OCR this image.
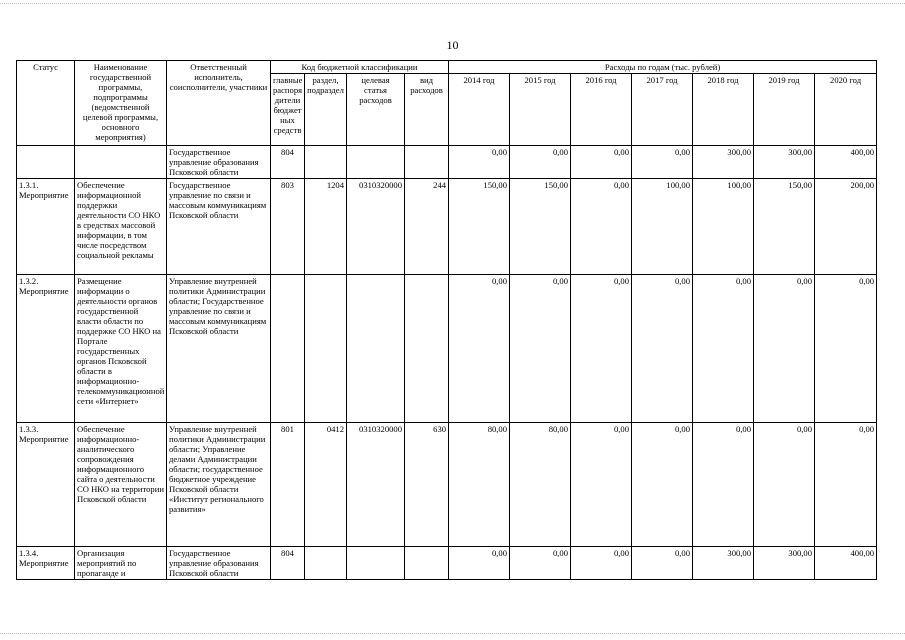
10
Статус	Наименование государственной программы, подпрограммы (ведомственной целевой программы, основного мероприятия)	Ответственный исполнитель, соисполнители, участники	Код бюджетной классификации				Расходы по годам (тыс. рублей)						
			главные распоря дители бюджет ных средств	раздел, подраздел	целевая статья расходов	вид расходов	2014 год	2015 год	2016 год	2017 год	2018 год	2019 год	2020 год
		Государственное управление образования Псковской области	804				0,00	0,00	0,00	0,00	300,00	300,00	400,00
1.3.1. Мероприятие	Обеспечение информационной поддержки деятельности СО НКО в средствах массовой информации, в том числе посредством социальной рекламы	Государственное управление по связи и массовым коммуникациям Псковской области	803	1204	0310320000	244	150,00	150,00	0,00	100,00	100,00	150,00	200,00
1.3.2. Мероприятие	Размещение информации о деятельности органов государственной власти области по поддержке СО НКО на Портале государственных органов Псковской области в информационно-телекоммуникационной сети «Интернет»	Управление внутренней политики Администрации области; Государственное управление по связи и массовым коммуникациям Псковской области					0,00	0,00	0,00	0,00	0,00	0,00	0,00
1.3.3. Мероприятие	Обеспечение информационно-аналитического сопровождения информационного сайта о деятельности СО НКО на территории Псковской области	Управление внутренней политики Администрации области; Управление делами Администрации области; государственное бюджетное учреждение Псковской области «Институт регионального развития»	801	0412	0310320000	630	80,00	80,00	0,00	0,00	0,00	0,00	0,00
1.3.4. Мероприятие	Организация мероприятий по пропаганде и	Государственное управление образования Псковской области	804				0,00	0,00	0,00	0,00	300,00	300,00	400,00
